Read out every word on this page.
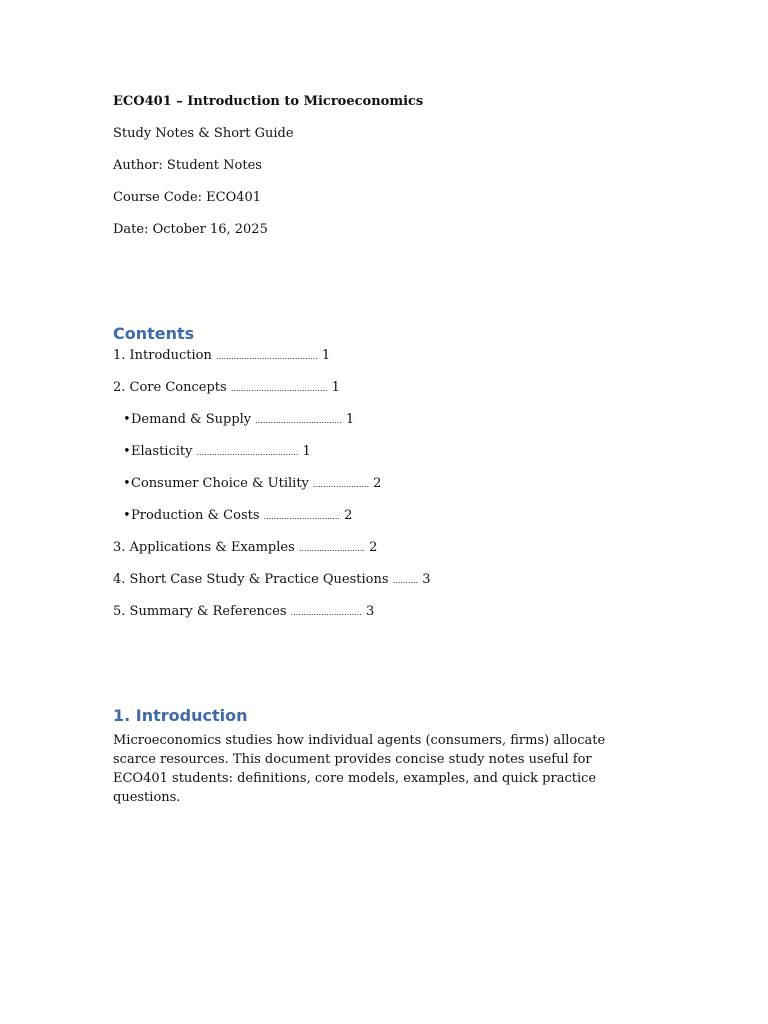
ECO401 – Introduction to Microeconomics
Study Notes & Short Guide
Author: Student Notes
Course Code: ECO401
Date: October 16, 2025
Contents
1. Introduction ........................................ 1
2. Core Concepts ...................................... 1
•Demand & Supply .................................. 1
•Elasticity ........................................ 1
•Consumer Choice & Utility ...................... 2
•Production & Costs .............................. 2
3. Applications & Examples .......................... 2
4. Short Case Study & Practice Questions .......... 3
5. Summary & References ............................ 3
1. Introduction
Microeconomics studies how individual agents (consumers, firms) allocate scarce resources. This document provides concise study notes useful for ECO401 students: definitions, core models, examples, and quick practice questions.
